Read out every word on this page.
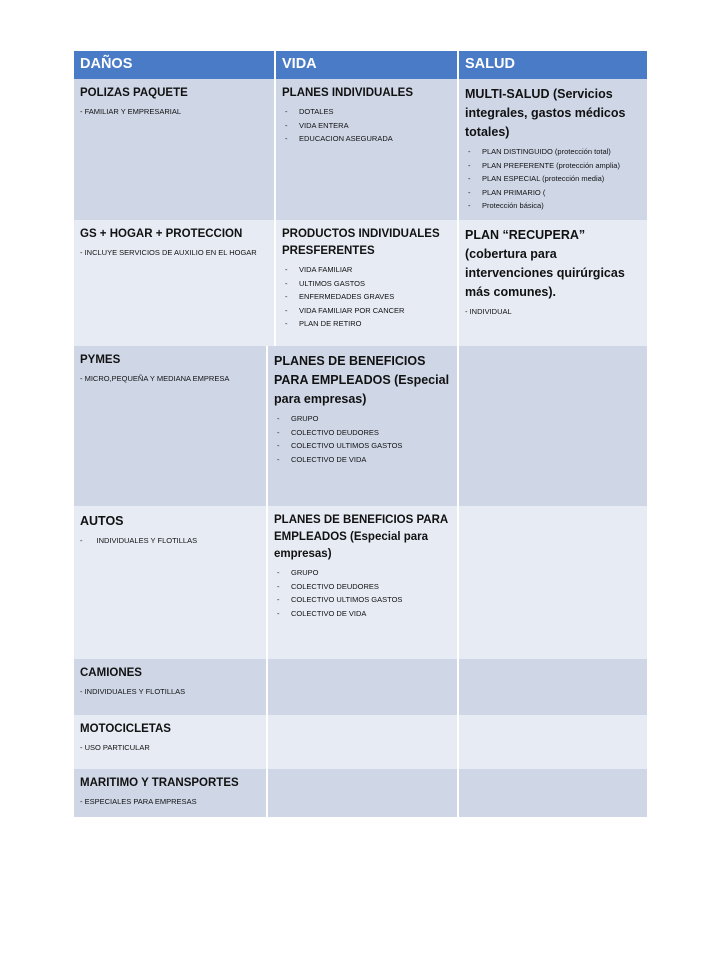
DAÑOS	VIDA	SALUD

POLIZAS PAQUETE

- FAMILIAR Y EMPRESARIAL

PLANES INDIVIDUALES

- DOTALES
- VIDA ENTERA
- EDUCACION ASEGURADA

MULTI-SALUD (Servicios integrales, gastos médicos totales)

- PLAN DISTINGUIDO (protección total)
- PLAN PREFERENTE (protección amplia)
- PLAN ESPECIAL (protección media)
- PLAN PRIMARIO (
- Protección básica)

GS + HOGAR + PROTECCION

- INCLUYE SERVICIOS DE AUXILIO EN EL HOGAR

PRODUCTOS INDIVIDUALES PRESFERENTES

- VIDA FAMILIAR
- ULTIMOS GASTOS
- ENFERMEDADES GRAVES
- VIDA FAMILIAR POR CANCER
- PLAN DE RETIRO

PLAN “RECUPERA” (cobertura para intervenciones quirúrgicas más comunes).

- INDIVIDUAL

PYMES

- MICRO,PEQUEÑA Y MEDIANA EMPRESA

PLANES DE BENEFICIOS PARA EMPLEADOS (Especial para empresas)

- GRUPO
- COLECTIVO DEUDORES
- COLECTIVO ULTIMOS GASTOS
- COLECTIVO DE VIDA

AUTOS

- INDIVIDUALES Y FLOTILLAS

PLANES DE BENEFICIOS PARA EMPLEADOS (Especial para empresas)

- GRUPO
- COLECTIVO DEUDORES
- COLECTIVO ULTIMOS GASTOS
- COLECTIVO DE VIDA

CAMIONES

- INDIVIDUALES Y FLOTILLAS

MOTOCICLETAS

- USO PARTICULAR

MARITIMO Y TRANSPORTES

- ESPECIALES PARA EMPRESAS
